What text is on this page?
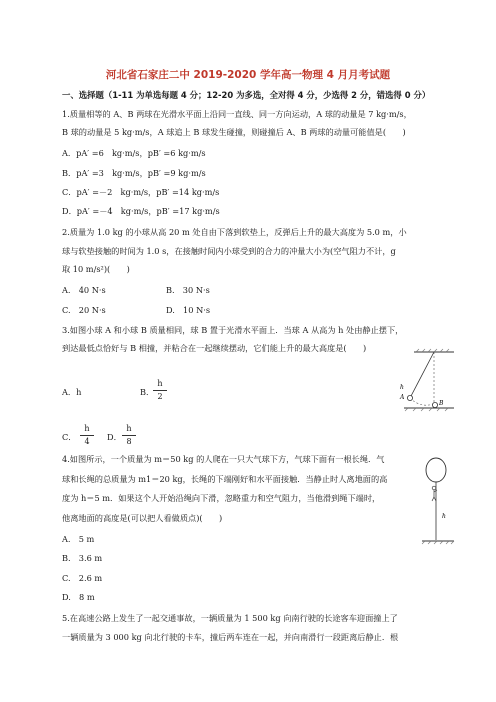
河北省石家庄二中 2019-2020 学年高一物理 4 月月考试题
一、选择题（1-11 为单选每题 4 分；12-20 为多选，全对得 4 分，少选得 2 分，错选得 0 分）
1.质量相等的 A、B 两球在光滑水平面上沿同一直线、同一方向运动，A 球的动量是 7 kg·m/s，
B 球的动量是 5 kg·m/s，A 球追上 B 球发生碰撞，则碰撞后 A、B 两球的动量可能值是(　　)
A．pA′ =6　kg·m/s，pB′ =6 kg·m/s
B．pA′ =3　kg·m/s，pB′ =9 kg·m/s
C．pA′ =－2　kg·m/s，pB′ =14 kg·m/s
D．pA′ =－4　kg·m/s，pB′ =17 kg·m/s
2.质量为 1.0 kg 的小球从高 20 m 处自由下落到软垫上，反弹后上升的最大高度为 5.0 m，小
球与软垫接触的时间为 1.0 s，在接触时间内小球受到的合力的冲量大小为(空气阻力不计，g
取 10 m/s²)(　　)
A.　40 N·s	B.　30 N·s
C.　20 N·s	D.　10 N·s
3.如图小球 A 和小球 B 质量相同，球 B 置于光滑水平面上．当球 A 从高为 h 处由静止摆下，
到达最低点恰好与 B 相撞，并粘合在一起继续摆动，它们能上升的最大高度是(　　)
A．h	B．
h
2
C．
h
4	D．
h
8
A
B
h
4.如图所示，一个质量为 m＝50 kg 的人爬在一只大气球下方，气球下面有一根长绳．气
球和长绳的总质量为 m1＝20 kg，长绳的下端刚好和水平面接触．当静止时人离地面的高
度为 h＝5 m．如果这个人开始沿绳向下滑，忽略重力和空气阻力，当他滑到绳下端时，
他离地面的高度是(可以把人看做质点)(　　)
A.　5 m
B.　3.6 m
C.　2.6 m
D.　8 m
h
5.在高速公路上发生了一起交通事故，一辆质量为 1 500 kg 向南行驶的长途客车迎面撞上了
一辆质量为 3 000 kg 向北行驶的卡车，撞后两车连在一起，并向南滑行一段距离后静止．根
